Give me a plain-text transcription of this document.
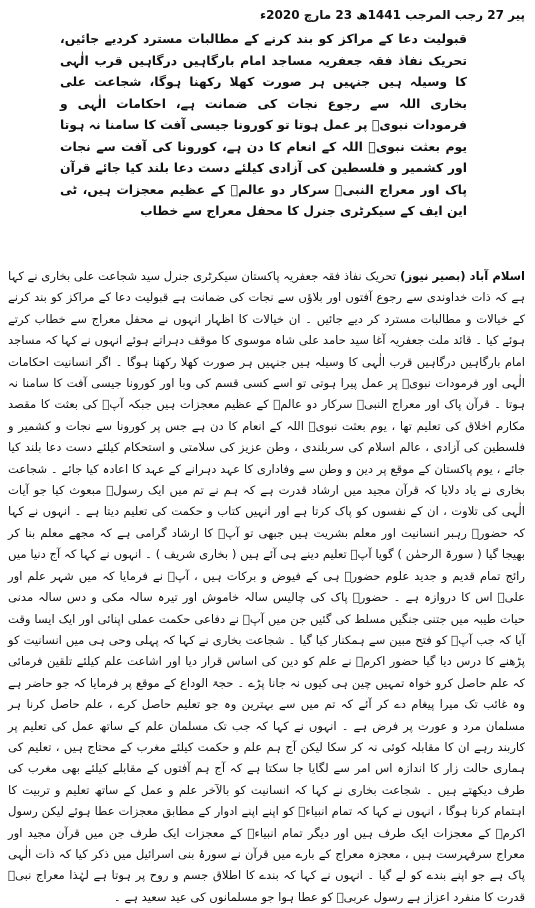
پیر 27 رجب المرجب 1441ھ 23 مارچ 2020ء
قبولیت دعا کے مراکز کو بند کرنے کے مطالبات مسترد کردیے جائیں، تحریک نفاذ فقہ جعفریہ مساجد امام بارگاہیں درگاہیں قرب الٰہی کا وسیلہ ہیں جنہیں ہر صورت کھلا رکھنا ہوگا، شجاعت علی بخاری اللہ سے رجوع نجات کی ضمانت ہے، احکامات الٰہی و فرمودات نبویؐ پر عمل ہوتا تو کورونا جیسی آفت کا سامنا نہ ہوتا یوم بعثت نبویؐ اللہ کے انعام کا دن ہے، کورونا کی آفت سے نجات اور کشمیر و فلسطین کی آزادی کیلئے دست دعا بلند کیا جائے قرآن پاک اور معراج النبیؐ سرکار دو عالمؐ کے عظیم معجزات ہیں، ٹی این ایف کے سیکرٹری جنرل کا محفل معراج سے خطاب
اسلام آباد (بصیر نیوز) تحریک نفاذ فقہ جعفریہ پاکستان سیکرٹری جنرل سید شجاعت علی بخاری نے کہا ہے کہ ذات خداوندی سے رجوع آفتوں اور بلاؤں سے نجات کی ضمانت ہے قبولیت دعا کے مراکز کو بند کرنے کے خیالات و مطالبات مسترد کر دیے جائیں ۔ ان خیالات کا اظہار انہوں نے محفل معراج سے خطاب کرتے ہوئے کیا ۔ قائد ملت جعفریہ آغا سید حامد علی شاہ موسوی کا موقف دہراتے ہوئے انہوں نے کہا کہ مساجد امام بارگاہیں درگاہیں قرب الٰہی کا وسیلہ ہیں جنہیں ہر صورت کھلا رکھنا ہوگا ۔ اگر انسانیت احکامات الٰہی اور فرمودات نبویؐ پر عمل پیرا ہوتی تو اسے کسی قسم کی وبا اور کورونا جیسی آفت کا سامنا نہ ہوتا ۔ قرآن پاک اور معراج النبیؐ سرکار دو عالمؐ کے عظیم معجزات ہیں جبکہ آپؐ کی بعثت کا مقصد مکارم اخلاق کی تعلیم تھا ، یوم بعثت نبویؐ اللہ کے انعام کا دن ہے جس پر کورونا سے نجات و کشمیر و فلسطین کی آزادی ، عالم اسلام کی سربلندی ، وطن عزیز کی سلامتی و استحکام کیلئے دست دعا بلند کیا جائے ، یوم پاکستان کے موقع پر دین و وطن سے وفاداری کا عہد دہرانے کے عہد کا اعادہ کیا جائے ۔ شجاعت بخاری نے یاد دلایا کہ قرآن مجید میں ارشاد قدرت ہے کہ ہم نے تم میں ایک رسولؐ مبعوث کیا جو آیات الٰہی کی تلاوت ، ان کے نفسوں کو پاک کرتا ہے اور انہیں کتاب و حکمت کی تعلیم دیتا ہے ۔ انہوں نے کہا کہ حضورؐ رہبر انسانیت اور معلم بشریت ہیں جبھی تو آپؐ کا ارشاد گرامی ہے کہ مجھے معلم بنا کر بھیجا گیا ( سورۃ الرحمٰن ) گویا آپؐ تعلیم دینے ہی آئے ہیں ( بخاری شریف ) ۔ انہوں نے کہا کہ آج دنیا میں رائج تمام قدیم و جدید علوم حضورؐ ہی کے فیوض و برکات ہیں ، آپؐ نے فرمایا کہ میں شہر علم اور علیؑ اس کا دروازہ ہے ۔ حضورؐ پاک کی چالیس سالہ خاموش اور تیرہ سالہ مکی و دس سالہ مدنی حیات طیبہ میں جتنی جنگیں مسلط کی گئیں جن میں آپؐ نے دفاعی حکمت عملی اپنائی اور ایک ایسا وقت آیا کہ جب آپؐ کو فتح مبین سے ہمکنار کیا گیا ۔ شجاعت بخاری نے کہا کہ پہلی وحی ہی میں انسانیت کو پڑھنے کا درس دیا گیا حضور اکرمؐ نے علم کو دین کی اساس قرار دیا اور اشاعت علم کیلئے تلقین فرمائی کہ علم حاصل کرو خواہ تمہیں چین ہی کیوں نہ جانا پڑے ۔ حجۃ الوداع کے موقع پر فرمایا کہ جو حاضر ہے وہ غائب تک میرا پیغام دے کر آئے کہ تم میں سے بہترین وہ جو تعلیم حاصل کرے ، علم حاصل کرنا ہر مسلمان مرد و عورت پر فرض ہے ۔ انہوں نے کہا کہ جب تک مسلمان علم کے ساتھ عمل کی تعلیم پر کاربند رہے ان کا مقابلہ کوئی نہ کر سکا لیکن آج ہم علم و حکمت کیلئے مغرب کے محتاج ہیں ، تعلیم کی ہماری حالت زار کا اندازہ اس امر سے لگایا جا سکتا ہے کہ آج ہم آفتوں کے مقابلے کیلئے بھی مغرب کی طرف دیکھتے ہیں ۔ شجاعت بخاری نے کہا کہ انسانیت کو بالآخر علم و عمل کے ساتھ تعلیم و تربیت کا اہتمام کرنا ہوگا ، انہوں نے کہا کہ تمام انبیاءؑ کو اپنے اپنے ادوار کے مطابق معجزات عطا ہوئے لیکن رسول اکرمؐ کے معجزات ایک طرف ہیں اور دیگر تمام انبیاءؑ کے معجزات ایک طرف جن میں قرآن مجید اور معراج سرفہرست ہیں ، معجزہ معراج کے بارے میں قرآن نے سورۂ بنی اسرائیل میں ذکر کیا کہ ذات الٰہی پاک ہے جو اپنے بندے کو لے گیا ۔ انہوں نے کہا کہ بندے کا اطلاق جسم و روح پر ہوتا ہے لہٰذا معراج نبیؐ قدرت کا منفرد اعزاز ہے رسول عربیؐ کو عطا ہوا جو مسلمانوں کی عید سعید ہے ۔
